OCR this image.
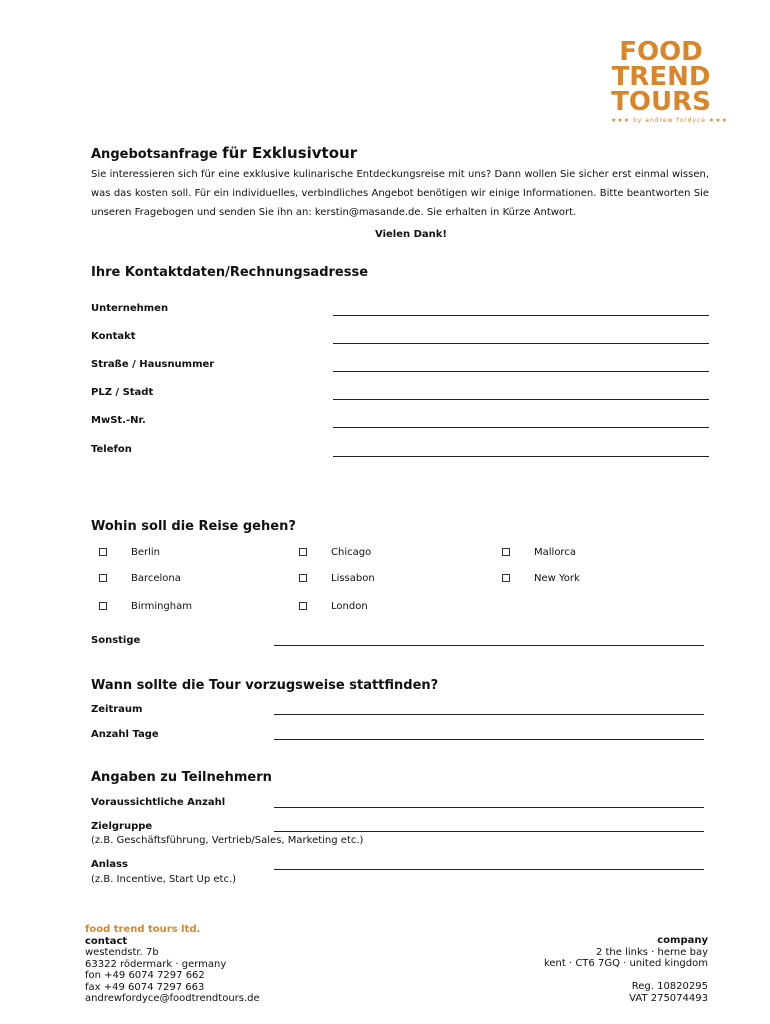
FOOD
TREND
TOURS
★★★ by andrew fordyce ★★★
Angebotsanfrage für Exklusivtour
Sie interessieren sich für eine exklusive kulinarische Entdeckungsreise mit uns? Dann wollen Sie sicher erst einmal wissen, was das kosten soll. Für ein individuelles, verbindliches Angebot benötigen wir einige Informationen. Bitte beantworten Sie unseren Fragebogen und senden Sie ihn an: kerstin@masande.de. Sie erhalten in Kürze Antwort.
Vielen Dank!
Ihre Kontaktdaten/Rechnungsadresse
Unternehmen
Kontakt
Straße / Hausnummer
PLZ / Stadt
MwSt.-Nr.
Telefon
Wohin soll die Reise gehen?
Berlin	Chicago	Mallorca
Barcelona	Lissabon	New York
Birmingham	London
Sonstige
Wann sollte die Tour vorzugsweise stattfinden?
Zeitraum
Anzahl Tage
Angaben zu Teilnehmern
Voraussichtliche Anzahl
Zielgruppe
(z.B. Geschäftsführung, Vertrieb/Sales, Marketing etc.)
Anlass
(z.B. Incentive, Start Up etc.)
food trend tours ltd.
contact
westendstr. 7b
63322 rödermark · germany
fon +49 6074 7297 662
fax +49 6074 7297 663
andrewfordyce@foodtrendtours.de
company
2 the links · herne bay
kent · CT6 7GQ · united kingdom
Reg. 10820295
VAT 275074493
